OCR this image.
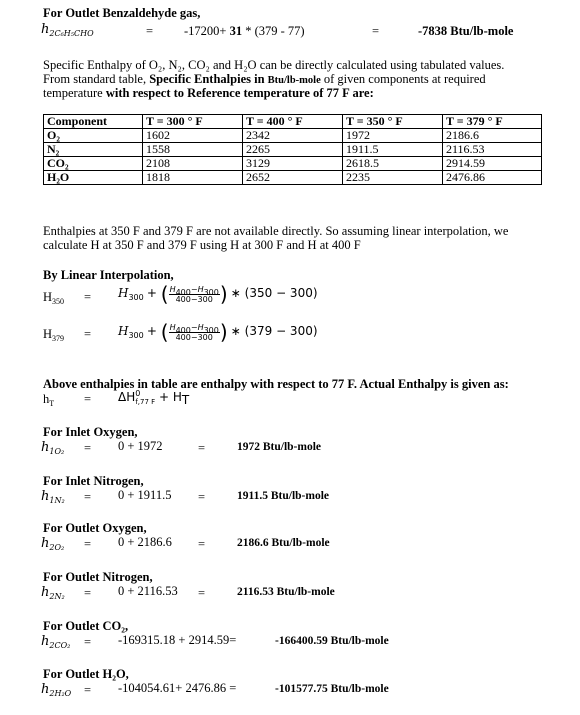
For Outlet Benzaldehyde gas,
$h_{2C_6H_5CHO}$	= -17200+ 31 * (379 - 77)	=	-7838 Btu/lb-mole
Specific Enthalpy of O₂, N₂, CO₂ and H₂O can be directly calculated using tabulated values.
From standard table, Specific Enthalpies in Btu/lb-mole of given components at required
temperature with respect to Reference temperature of 77 F are:
Component	T = 300 ° F	T = 400 ° F	T = 350 ° F	T = 379 ° F
O₂	1602	2342	1972	2186.6
N₂	1558	2265	1911.5	2116.53
CO₂	2108	3129	2618.5	2914.59
H₂O	1818	2652	2235	2476.86
Enthalpies at 350 F and 379 F are not available directly. So assuming linear interpolation, we
calculate H at 350 F and 379 F using H at 300 F and H at 400 F
By Linear Interpolation,
$H_{350} = H_{300}$ + ( $\frac{H_{400}-H_{300}}{400-300}$ ) ∗ (350 − 300)
$H_{379} = H_{300}$ + ( $\frac{H_{400}-H_{300}}{400-300}$ ) ∗ (379 − 300)
Above enthalpies in table are enthalpy with respect to 77 F. Actual Enthalpy is given as:
$h_T = \Delta H^0_{f,77 F} + H_T$
For Inlet Oxygen,
$h_{1O_2} = 0 + 1972$	=	1972 Btu/lb-mole
For Inlet Nitrogen,
$h_{1N_2} = 0 + 1911.5$ =	1911.5 Btu/lb-mole
For Outlet Oxygen,
$h_{2O_2} = 0 + 2186.6$ =	2186.6 Btu/lb-mole
For Outlet Nitrogen,
$h_{2N_2} = 0 + 2116.53$ =	2116.53 Btu/lb-mole
For Outlet CO₂,
$h_{2CO_2} = -169315.18 + 2914.59=$	-166400.59 Btu/lb-mole
For Outlet H₂O,
$h_{2H_2O} = -104054.61+ 2476.86$ =	-101577.75 Btu/lb-mole
